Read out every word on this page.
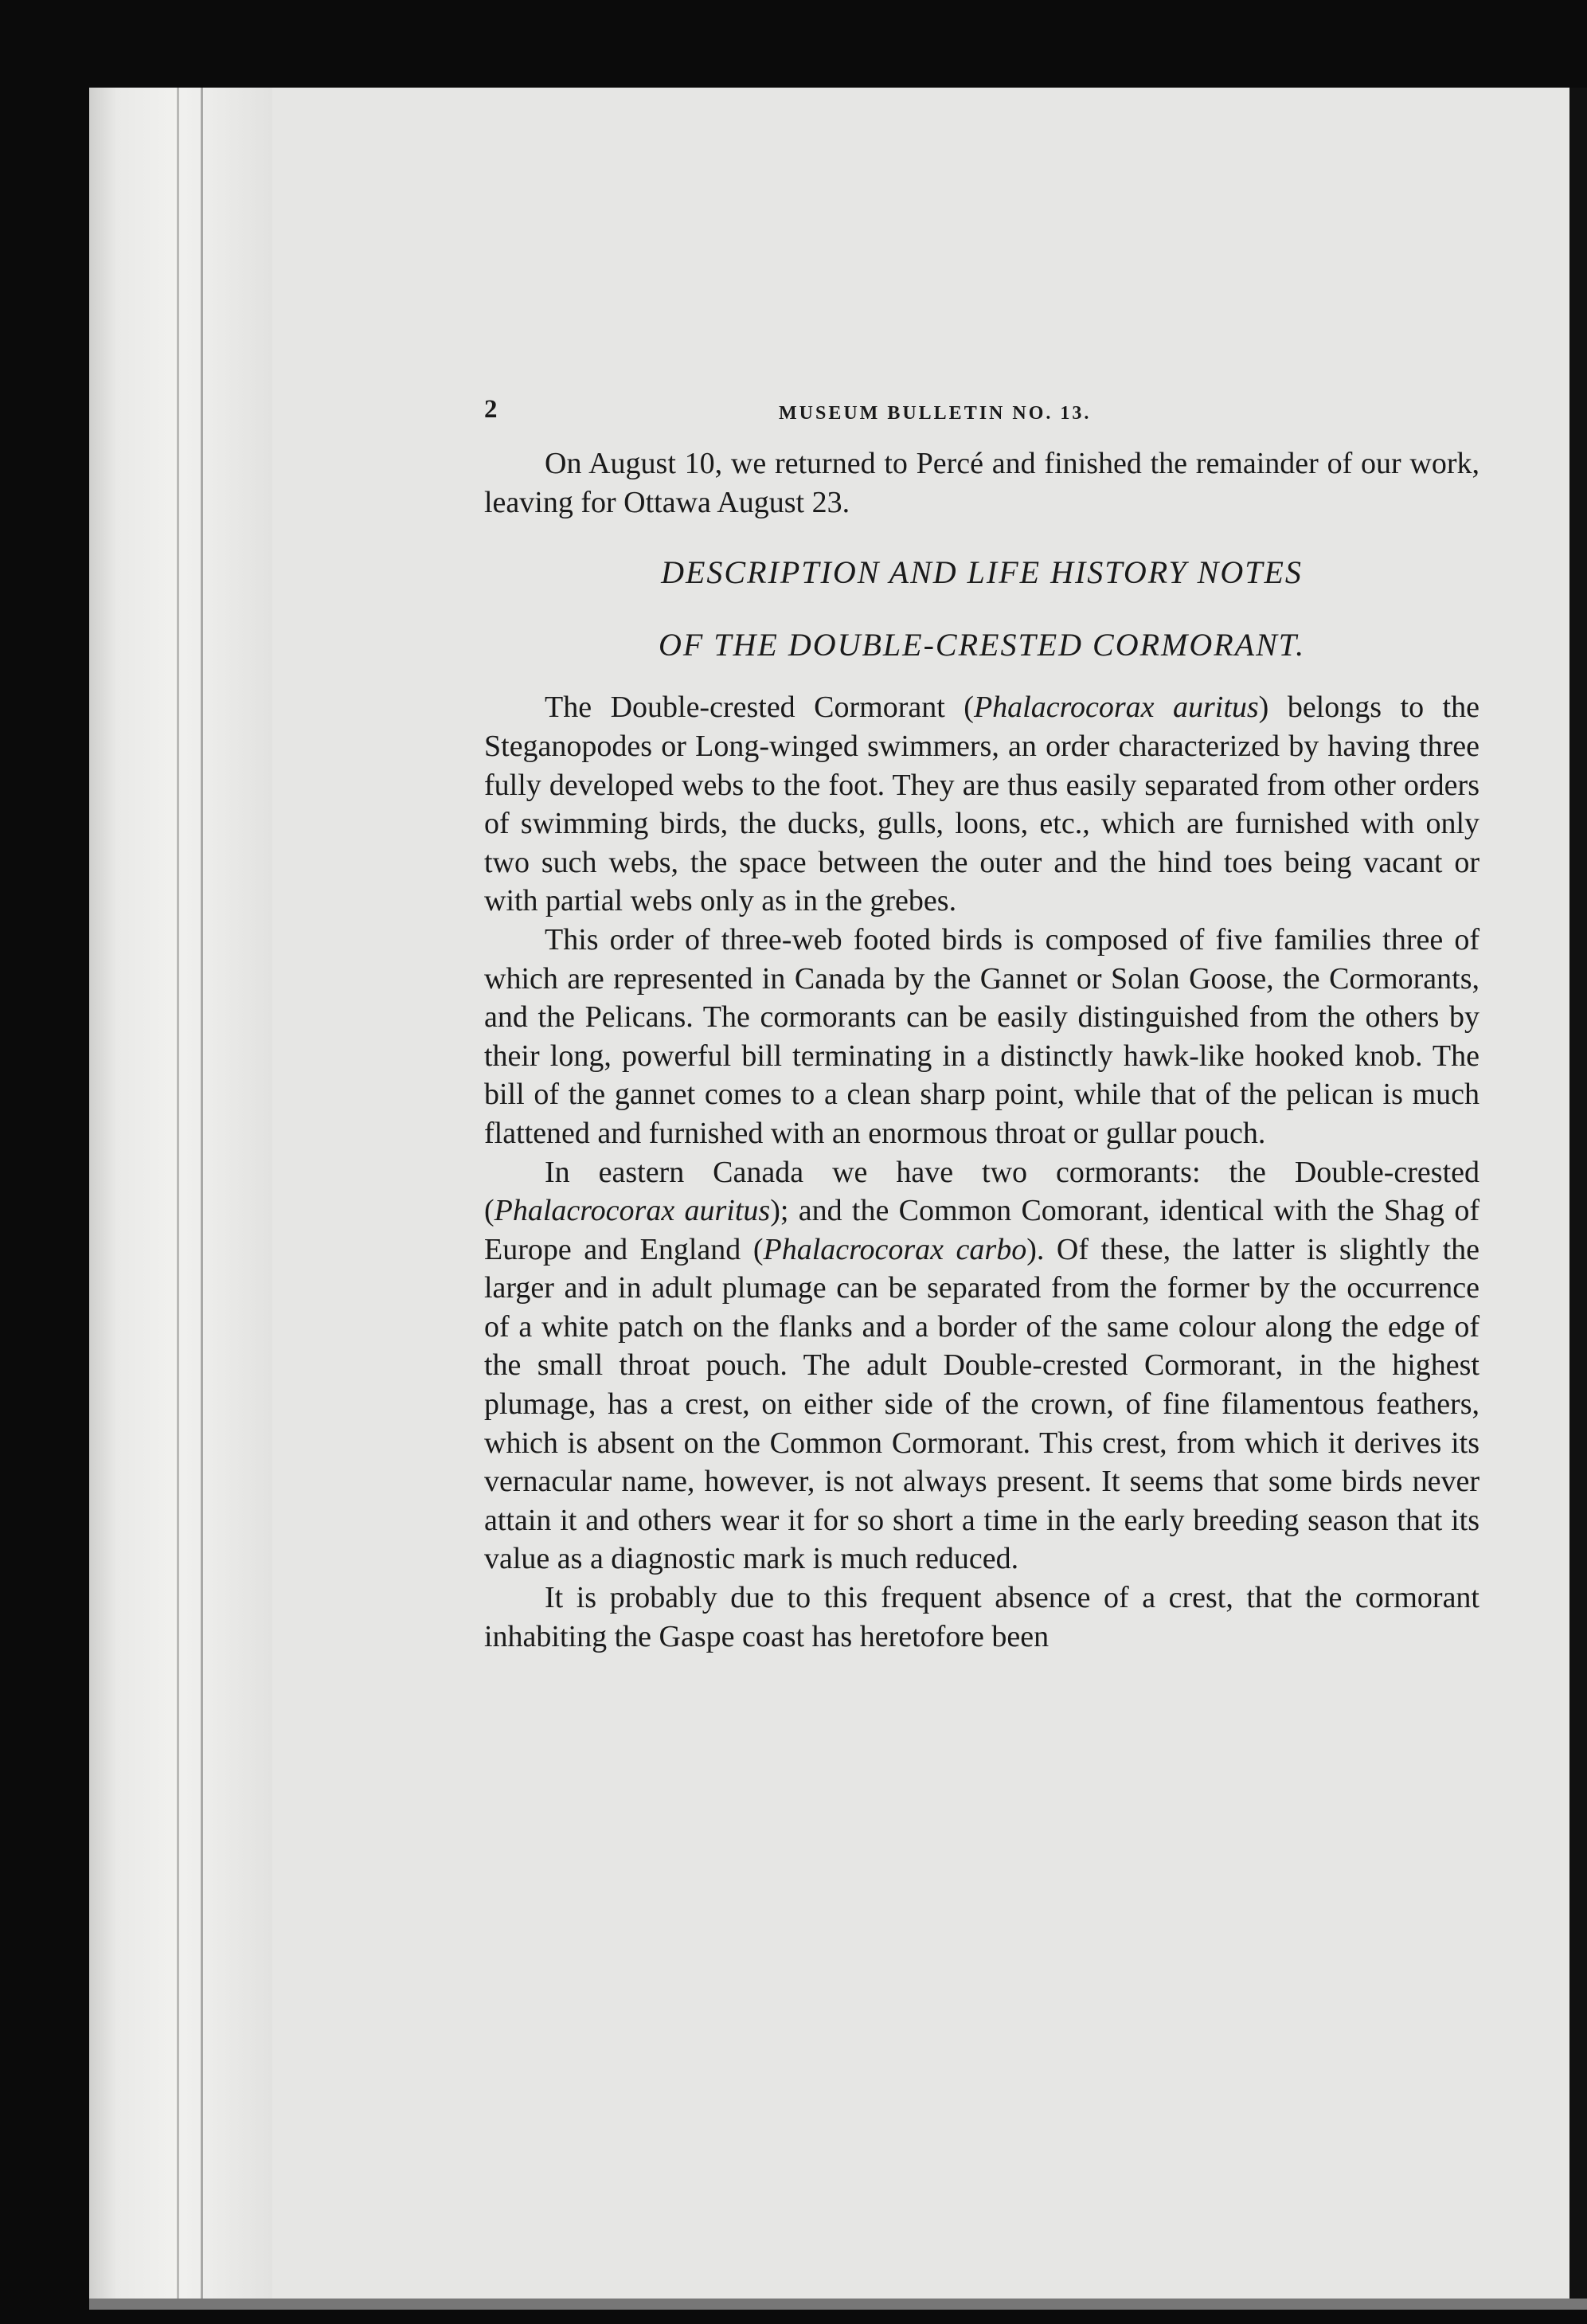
2	MUSEUM BULLETIN NO. 13.

On August 10, we returned to Percé and finished the remainder of our work, leaving for Ottawa August 23.

DESCRIPTION AND LIFE HISTORY NOTES

OF THE DOUBLE-CRESTED CORMORANT.

The Double-crested Cormorant (Phalacrocorax auritus) belongs to the Steganopodes or Long-winged swimmers, an order characterized by having three fully developed webs to the foot. They are thus easily separated from other orders of swimming birds, the ducks, gulls, loons, etc., which are furnished with only two such webs, the space between the outer and the hind toes being vacant or with partial webs only as in the grebes.

This order of three-web footed birds is composed of five families three of which are represented in Canada by the Gannet or Solan Goose, the Cormorants, and the Pelicans. The cormorants can be easily distinguished from the others by their long, powerful bill terminating in a distinctly hawk-like hooked knob. The bill of the gannet comes to a clean sharp point, while that of the pelican is much flattened and furnished with an enormous throat or gullar pouch.

In eastern Canada we have two cormorants: the Double-crested (Phalacrocorax auritus); and the Common Comorant, identical with the Shag of Europe and England (Phalacrocorax carbo). Of these, the latter is slightly the larger and in adult plumage can be separated from the former by the occurrence of a white patch on the flanks and a border of the same colour along the edge of the small throat pouch. The adult Double-crested Cormorant, in the highest plumage, has a crest, on either side of the crown, of fine filamentous feathers, which is absent on the Common Cormorant. This crest, from which it derives its vernacular name, however, is not always present. It seems that some birds never attain it and others wear it for so short a time in the early breeding season that its value as a diagnostic mark is much reduced.

It is probably due to this frequent absence of a crest, that the cormorant inhabiting the Gaspe coast has heretofore been
